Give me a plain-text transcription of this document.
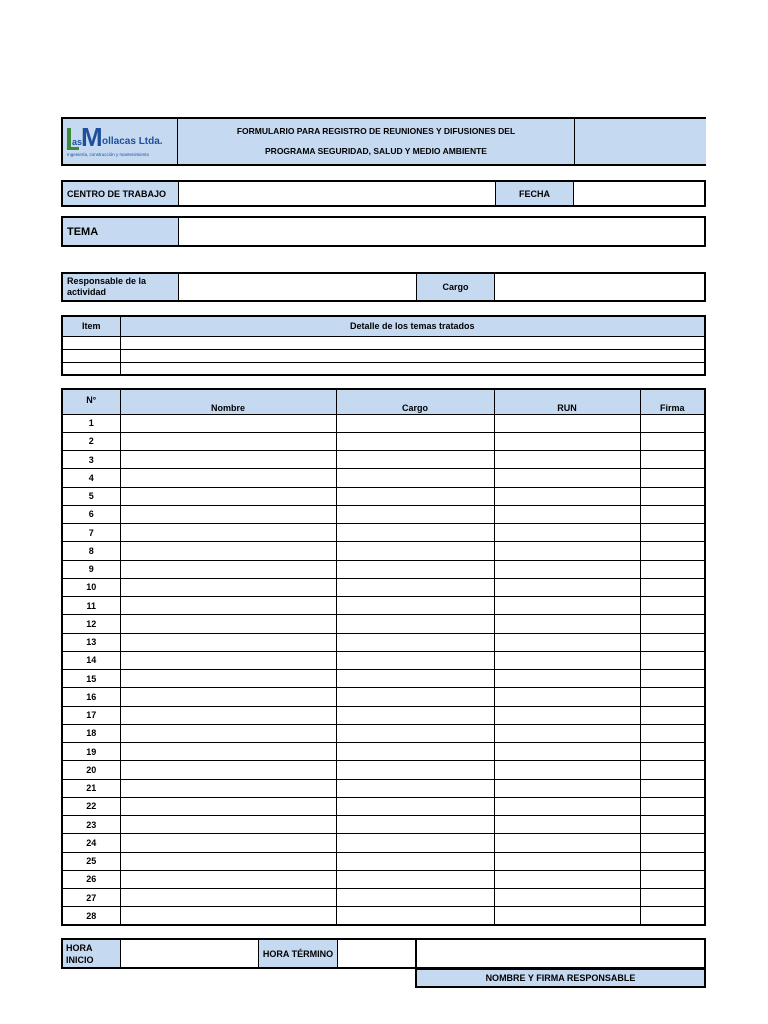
as
M ollacas Ltda.
Ingeniería, construcción y mantenimiento
FORMULARIO PARA REGISTRO DE REUNIONES Y DIFUSIONES DEL
PROGRAMA SEGURIDAD, SALUD Y MEDIO AMBIENTE
CENTRO DE TRABAJO	FECHA
TEMA
Responsable de la actividad	Cargo
Item	Detalle de los temas tratados

N°	Nombre	Cargo	RUN	Firma
1				
2				
3				
4				
5				
6				
7				
8				
9				
10				
11				
12				
13				
14				
15				
16				
17				
18				
19				
20				
21				
22				
23				
24				
25				
26				
27				
28				
HORA INICIO
HORA TÉRMINO
NOMBRE Y FIRMA RESPONSABLE
